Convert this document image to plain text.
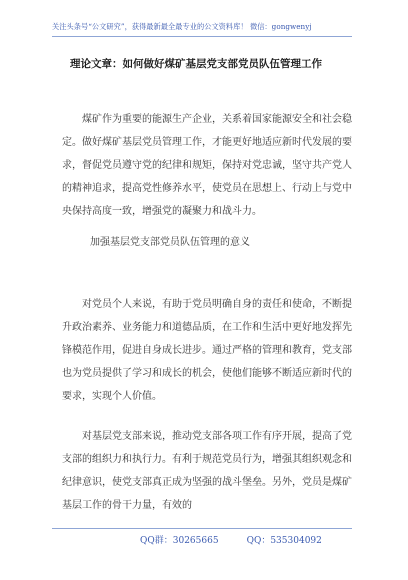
关注头条号“公文研究”，获得最新最全最专业的公文资料库！ 微信：gongwenyj
理论文章：如何做好煤矿基层党支部党员队伍管理工作
煤矿作为重要的能源生产企业，关系着国家能源安全和社会稳定。做好煤矿基层党员管理工作，才能更好地适应新时代发展的要求，督促党员遵守党的纪律和规矩，保持对党忠诚，坚守共产党人的精神追求，提高党性修养水平，使党员在思想上、行动上与党中央保持高度一致，增强党的凝聚力和战斗力。
加强基层党支部党员队伍管理的意义
对党员个人来说，有助于党员明确自身的责任和使命，不断提升政治素养、业务能力和道德品质，在工作和生活中更好地发挥先锋模范作用，促进自身成长进步。通过严格的管理和教育，党支部也为党员提供了学习和成长的机会，使他们能够不断适应新时代的要求，实现个人价值。
对基层党支部来说，推动党支部各项工作有序开展，提高了党支部的组织力和执行力。有利于规范党员行为，增强其组织观念和纪律意识，使党支部真正成为坚强的战斗堡垒。另外，党员是煤矿基层工作的骨干力量，有效的
QQ群：30265665	QQ：535304092
